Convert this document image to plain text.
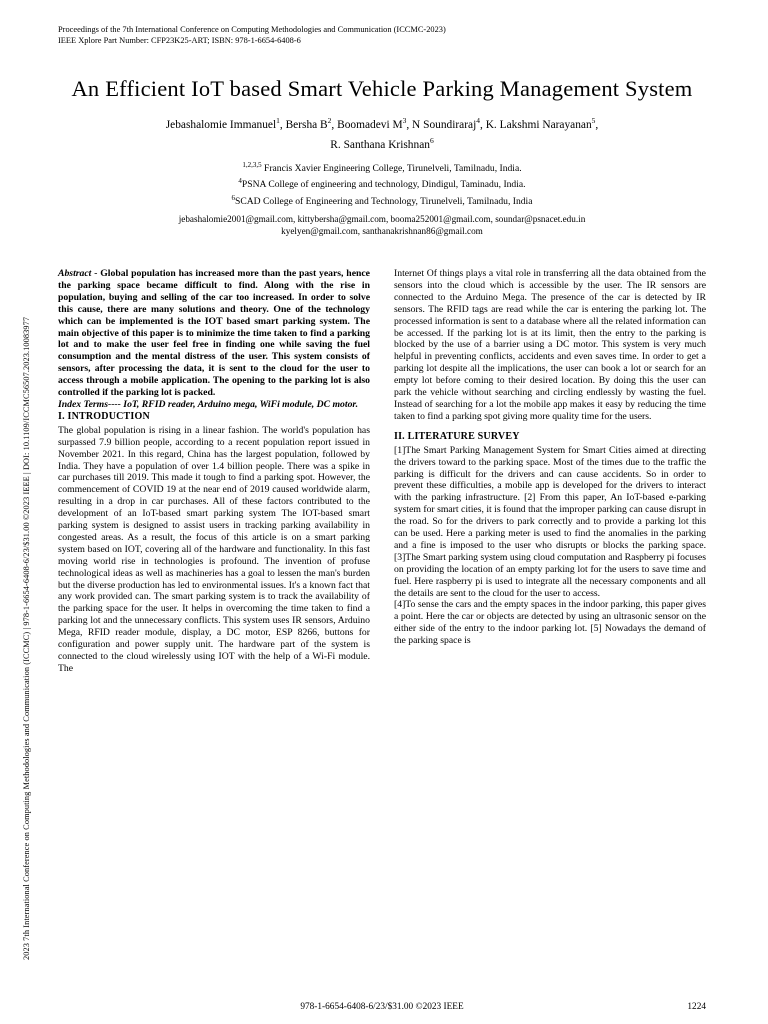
2023 7th International Conference on Computing Methodologies and Communication (ICCMC) | 978-1-6654-6408-6/23/$31.00 ©2023 IEEE | DOI: 10.1109/ICCMC56507.2023.10083977
Proceedings of the 7th International Conference on Computing Methodologies and Communication (ICCMC-2023)
IEEE Xplore Part Number: CFP23K25-ART; ISBN: 978-1-6654-6408-6
An Efficient IoT based Smart Vehicle Parking Management System
Jebashalomie Immanuel$^1$, Bersha $B^2$, Boomadevi $M^3$, N Soundiraraj$^4$, K. Lakshmi Narayanan$^5$,
R. Santhana Krishnan$^6$
$^{1,2,3,5}$ Francis Xavier Engineering College, Tirunelveli, Tamilnadu, India.
$^4$PSNA College of engineering and technology, Dindigul, Taminadu, India.
$^6$SCAD College of Engineering and Technology, Tirunelveli, Tamilnadu, India
jebashalomie2001@gmail.com, kittybersha@gmail.com, booma252001@gmail.com, soundar@psnacet.edu.in
kyelyen@gmail.com, santhanakrishnan86@gmail.com

Abstract - Global population has increased more than the past years, hence the parking space became difficult to find. Along with the rise in population, buying and selling of the car too increased. In order to solve this cause, there are many solutions and theory. One of the technology which can be implemented is the IOT based smart parking system. The main objective of this paper is to minimize the time taken to find a parking lot and to make the user feel free in finding one while saving the fuel consumption and the mental distress of the user. This system consists of sensors, after processing the data, it is sent to the cloud for the user to access through a mobile application. The opening to the parking lot is also controlled if the parking lot is packed.

Index Terms---- IoT, RFID reader, Arduino mega, WiFi module, DC motor.

I. INTRODUCTION

The global population is rising in a linear fashion. The world's population has surpassed 7.9 billion people, according to a recent population report issued in November 2021. In this regard, China has the largest population, followed by India. They have a population of over 1.4 billion people. There was a spike in car purchases till 2019. This made it tough to find a parking spot. However, the commencement of COVID 19 at the near end of 2019 caused worldwide alarm, resulting in a drop in car purchases. All of these factors contributed to the development of an IoT-based smart parking system The IOT-based smart parking system is designed to assist users in tracking parking availability in congested areas. As a result, the focus of this article is on a smart parking system based on IOT, covering all of the hardware and functionality. In this fast moving world rise in technologies is profound. The invention of profuse technological ideas as well as machineries has a goal to lessen the man's burden but the diverse production has led to environmental issues. It's a known fact that any work provided can. The smart parking system is to track the availability of the parking space for the user. It helps in overcoming the time taken to find a parking lot and the unnecessary conflicts. This system uses IR sensors, Arduino Mega, RFID reader module, display, a DC motor, ESP 8266, buttons for configuration and power supply unit. The hardware part of the system is connected to the cloud wirelessly using IOT with the help of a Wi-Fi module. The

Internet Of things plays a vital role in transferring all the data obtained from the sensors into the cloud which is accessible by the user. The IR sensors are connected to the Arduino Mega. The presence of the car is detected by IR sensors. The RFID tags are read while the car is entering the parking lot. The processed information is sent to a database where all the related information can be accessed. If the parking lot is at its limit, then the entry to the parking is blocked by the use of a barrier using a DC motor. This system is very much helpful in preventing conflicts, accidents and even saves time. In order to get a parking lot despite all the implications, the user can book a lot or search for an empty lot before coming to their desired location. By doing this the user can park the vehicle without searching and circling endlessly by wasting the fuel. Instead of searching for a lot the mobile app makes it easy by reducing the time taken to find a parking spot giving more quality time for the users.

II. LITERATURE SURVEY

[1]The Smart Parking Management System for Smart Cities aimed at directing the drivers toward to the parking space. Most of the times due to the traffic the parking is difficult for the drivers and can cause accidents. So in order to prevent these difficulties, a mobile app is developed for the drivers to interact with the parking infrastructure. [2] From this paper, An IoT-based e-parking system for smart cities, it is found that the improper parking can cause disrupt in the road. So for the drivers to park correctly and to provide a parking lot this can be used. Here a parking meter is used to find the anomalies in the parking and a fine is imposed to the user who disrupts or blocks the parking space. [3]The Smart parking system using cloud computation and Raspberry pi focuses on providing the location of an empty parking lot for the users to save time and fuel. Here raspberry pi is used to integrate all the necessary components and all the details are sent to the cloud for the user to access.

[4]To sense the cars and the empty spaces in the indoor parking, this paper gives a point. Here the car or objects are detected by using an ultrasonic sensor on the either side of the entry to the indoor parking lot. [5] Nowadays the demand of the parking space is

978-1-6654-6408-6/23/$31.00 ©2023 IEEE	1224
